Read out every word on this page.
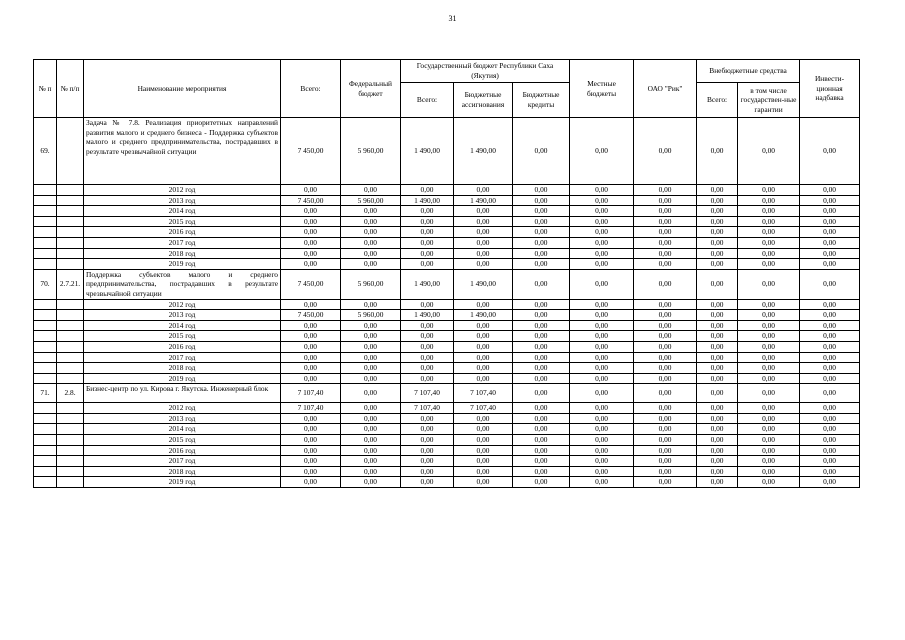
31
№ п	№ п/п	Наименование мероприятия	Всего:	Федеральный бюджет	Государственный бюджет Республики Саха (Якутия)			Местные бюджеты	ОАО "Рик"	Внебюджетные средства		Инвести-ционная надбавка
					Всего:	Бюджетные ассигнования	Бюджетные кредиты			Всего:	в том числе государствен-ные гарантии	
69.		Задача № 7.8. Реализация приоритетных направлений развития малого и среднего бизнеса - Поддержка субъектов малого и среднего предпринимательства, пострадавших в результате чрезвычайной ситуации	7 450,00	5 960,00	1 490,00	1 490,00	0,00	0,00	0,00	0,00	0,00	0,00
		2012 год	0,00	0,00	0,00	0,00	0,00	0,00	0,00	0,00	0,00	0,00
		2013 год	7 450,00	5 960,00	1 490,00	1 490,00	0,00	0,00	0,00	0,00	0,00	0,00
		2014 год	0,00	0,00	0,00	0,00	0,00	0,00	0,00	0,00	0,00	0,00
		2015 год	0,00	0,00	0,00	0,00	0,00	0,00	0,00	0,00	0,00	0,00
		2016 год	0,00	0,00	0,00	0,00	0,00	0,00	0,00	0,00	0,00	0,00
		2017 год	0,00	0,00	0,00	0,00	0,00	0,00	0,00	0,00	0,00	0,00
		2018 год	0,00	0,00	0,00	0,00	0,00	0,00	0,00	0,00	0,00	0,00
		2019 год	0,00	0,00	0,00	0,00	0,00	0,00	0,00	0,00	0,00	0,00
70.	2.7.21.	Поддержка субъектов малого и среднего предпринимательства, пострадавших в результате чрезвычайной ситуации	7 450,00	5 960,00	1 490,00	1 490,00	0,00	0,00	0,00	0,00	0,00	0,00
		2012 год	0,00	0,00	0,00	0,00	0,00	0,00	0,00	0,00	0,00	0,00
		2013 год	7 450,00	5 960,00	1 490,00	1 490,00	0,00	0,00	0,00	0,00	0,00	0,00
		2014 год	0,00	0,00	0,00	0,00	0,00	0,00	0,00	0,00	0,00	0,00
		2015 год	0,00	0,00	0,00	0,00	0,00	0,00	0,00	0,00	0,00	0,00
		2016 год	0,00	0,00	0,00	0,00	0,00	0,00	0,00	0,00	0,00	0,00
		2017 год	0,00	0,00	0,00	0,00	0,00	0,00	0,00	0,00	0,00	0,00
		2018 год	0,00	0,00	0,00	0,00	0,00	0,00	0,00	0,00	0,00	0,00
		2019 год	0,00	0,00	0,00	0,00	0,00	0,00	0,00	0,00	0,00	0,00
71.	2.8.	Бизнес-центр по ул. Кирова г. Якутска. Инженерный блок	7 107,40	0,00	7 107,40	7 107,40	0,00	0,00	0,00	0,00	0,00	0,00
		2012 год	7 107,40	0,00	7 107,40	7 107,40	0,00	0,00	0,00	0,00	0,00	0,00
		2013 год	0,00	0,00	0,00	0,00	0,00	0,00	0,00	0,00	0,00	0,00
		2014 год	0,00	0,00	0,00	0,00	0,00	0,00	0,00	0,00	0,00	0,00
		2015 год	0,00	0,00	0,00	0,00	0,00	0,00	0,00	0,00	0,00	0,00
		2016 год	0,00	0,00	0,00	0,00	0,00	0,00	0,00	0,00	0,00	0,00
		2017 год	0,00	0,00	0,00	0,00	0,00	0,00	0,00	0,00	0,00	0,00
		2018 год	0,00	0,00	0,00	0,00	0,00	0,00	0,00	0,00	0,00	0,00
		2019 год	0,00	0,00	0,00	0,00	0,00	0,00	0,00	0,00	0,00	0,00
